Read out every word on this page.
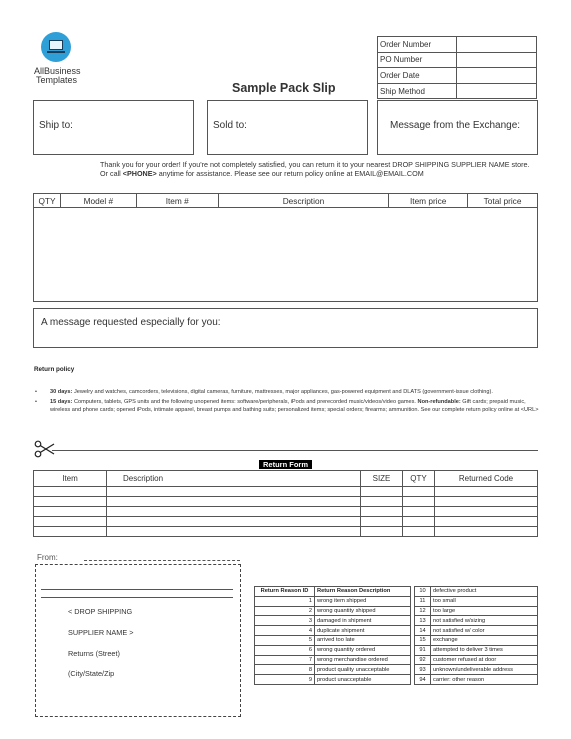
AllBusiness
Templates
Sample Pack Slip
Order Number	
PO Number	
Order Date	
Ship Method	
Ship to:	Sold to:	Message from the Exchange:
Thank you for your order! If you're not completely satisfied, you can return it to your nearest DROP SHIPPING SUPPLIER NAME store.
Or call <PHONE> anytime for assistance. Please see our return policy online at EMAIL@EMAIL.COM
QTY	Model #	Item #	Description	Item price	Total price

A message requested especially for you:
Return policy
• 30 days: Jewelry and watches, camcorders, televisions, digital cameras, furniture, mattresses, major appliances, gas-powered equipment and DLATS (government-issue clothing).
• 15 days: Computers, tablets, GPS units and the following unopened items: software/peripherals, iPods and prerecorded music/videos/video games. Non-refundable: Gift cards; prepaid music, wireless and phone cards; opened iPods, intimate apparel, breast pumps and bathing suits; personalized items; special orders; firearms; ammunition. See our complete return policy online at <URL>
Return Form				
Item	Description	SIZE	QTY	Returned Code

From:
< DROP SHIPPING
SUPPLIER NAME >
Returns (Street)
(City/State/Zip
Return Reason ID	Return Reason Description	
1	wrong item shipped	
2	wrong quantity shipped	
3	damaged in shipment	
4	duplicate shipment	
5	arrived too late	
6	wrong quantity ordered	
7	wrong merchandise ordered	
8	product quality unacceptable	
9	product unacceptable	

10	defective product
11	too small
12	too large
13	not satisfied w/sizing
14	not satisfied w/ color
15	exchange
91	attempted to deliver 3 times
92	customer refused at door
93	unknown/undeliverable address
94	carrier: other reason
